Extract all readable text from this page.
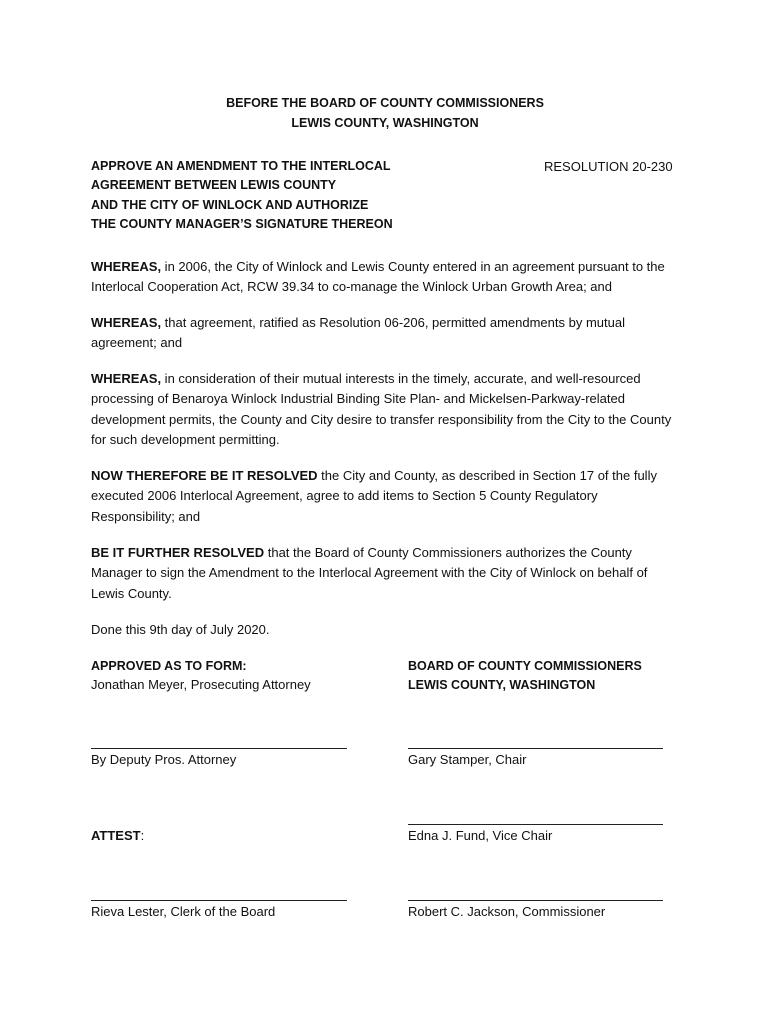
BEFORE THE BOARD OF COUNTY COMMISSIONERS
LEWIS COUNTY, WASHINGTON
APPROVE AN AMENDMENT TO THE INTERLOCAL
AGREEMENT BETWEEN LEWIS COUNTY
AND THE CITY OF WINLOCK AND AUTHORIZE
THE COUNTY MANAGER’S SIGNATURE THEREON
RESOLUTION 20-230
WHEREAS, in 2006, the City of Winlock and Lewis County entered in an agreement pursuant to the Interlocal Cooperation Act, RCW 39.34 to co-manage the Winlock Urban Growth Area; and
WHEREAS, that agreement, ratified as Resolution 06-206, permitted amendments by mutual agreement; and
WHEREAS, in consideration of their mutual interests in the timely, accurate, and well-resourced processing of Benaroya Winlock Industrial Binding Site Plan- and Mickelsen-Parkway-related development permits, the County and City desire to transfer responsibility from the City to the County for such development permitting.
NOW THEREFORE BE IT RESOLVED the City and County, as described in Section 17 of the fully executed 2006 Interlocal Agreement, agree to add items to Section 5 County Regulatory Responsibility; and
BE IT FURTHER RESOLVED that the Board of County Commissioners authorizes the County Manager to sign the Amendment to the Interlocal Agreement with the City of Winlock on behalf of Lewis County.
Done this 9th day of July 2020.
APPROVED AS TO FORM:
Jonathan Meyer, Prosecuting Attorney
BOARD OF COUNTY COMMISSIONERS
LEWIS COUNTY, WASHINGTON
By Deputy Pros. Attorney	Gary Stamper, Chair
ATTEST:	Edna J. Fund, Vice Chair
Rieva Lester, Clerk of the Board	Robert C. Jackson, Commissioner
